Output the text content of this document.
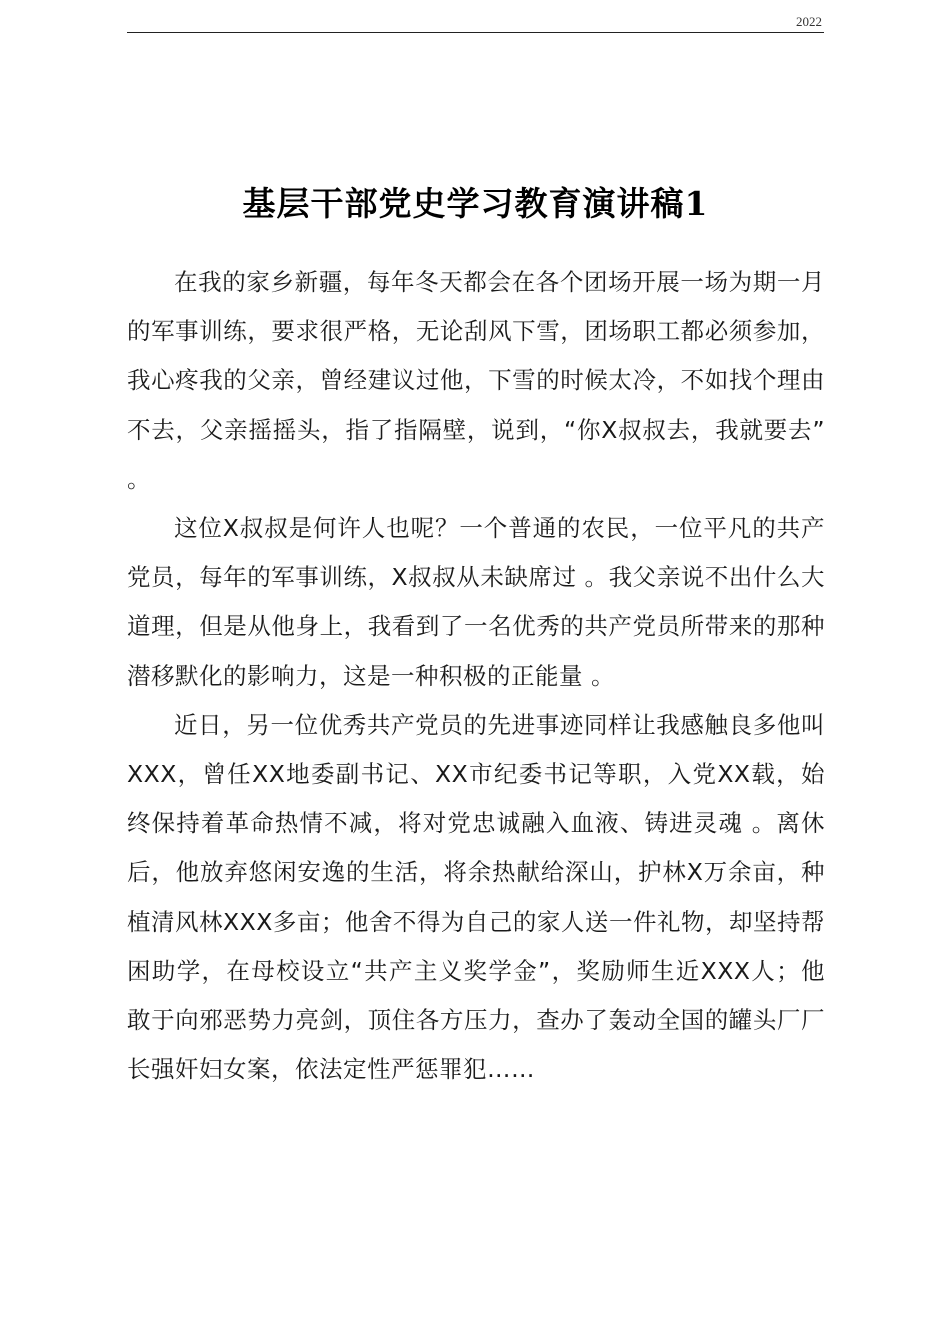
2022
基层干部党史学习教育演讲稿1

在我的家乡新疆，每年冬天都会在各个团场开展一场为期一月的军事训练，要求很严格，无论刮风下雪，团场职工都必须参加，我心疼我的父亲，曾经建议过他，下雪的时候太冷，不如找个理由不去，父亲摇摇头，指了指隔壁，说到，“你X叔叔去，我就要去” 。

这位X叔叔是何许人也呢？一个普通的农民，一位平凡的共产党员，每年的军事训练，X叔叔从未缺席过 。我父亲说不出什么大道理，但是从他身上，我看到了一名优秀的共产党员所带来的那种潜移默化的影响力，这是一种积极的正能量 。

近日，另一位优秀共产党员的先进事迹同样让我感触良多他叫XXX，曾任XX地委副书记、XX市纪委书记等职，入党XX载，始终保持着革命热情不减，将对党忠诚融入血液、铸进灵魂 。离休后，他放弃悠闲安逸的生活，将余热献给深山，护林X万余亩，种植清风林XXX多亩；他舍不得为自己的家人送一件礼物，却坚持帮困助学，在母校设立“共产主义奖学金”，奖励师生近XXX人；他敢于向邪恶势力亮剑，顶住各方压力，查办了轰动全国的罐头厂厂长强奸妇女案，依法定性严惩罪犯……
